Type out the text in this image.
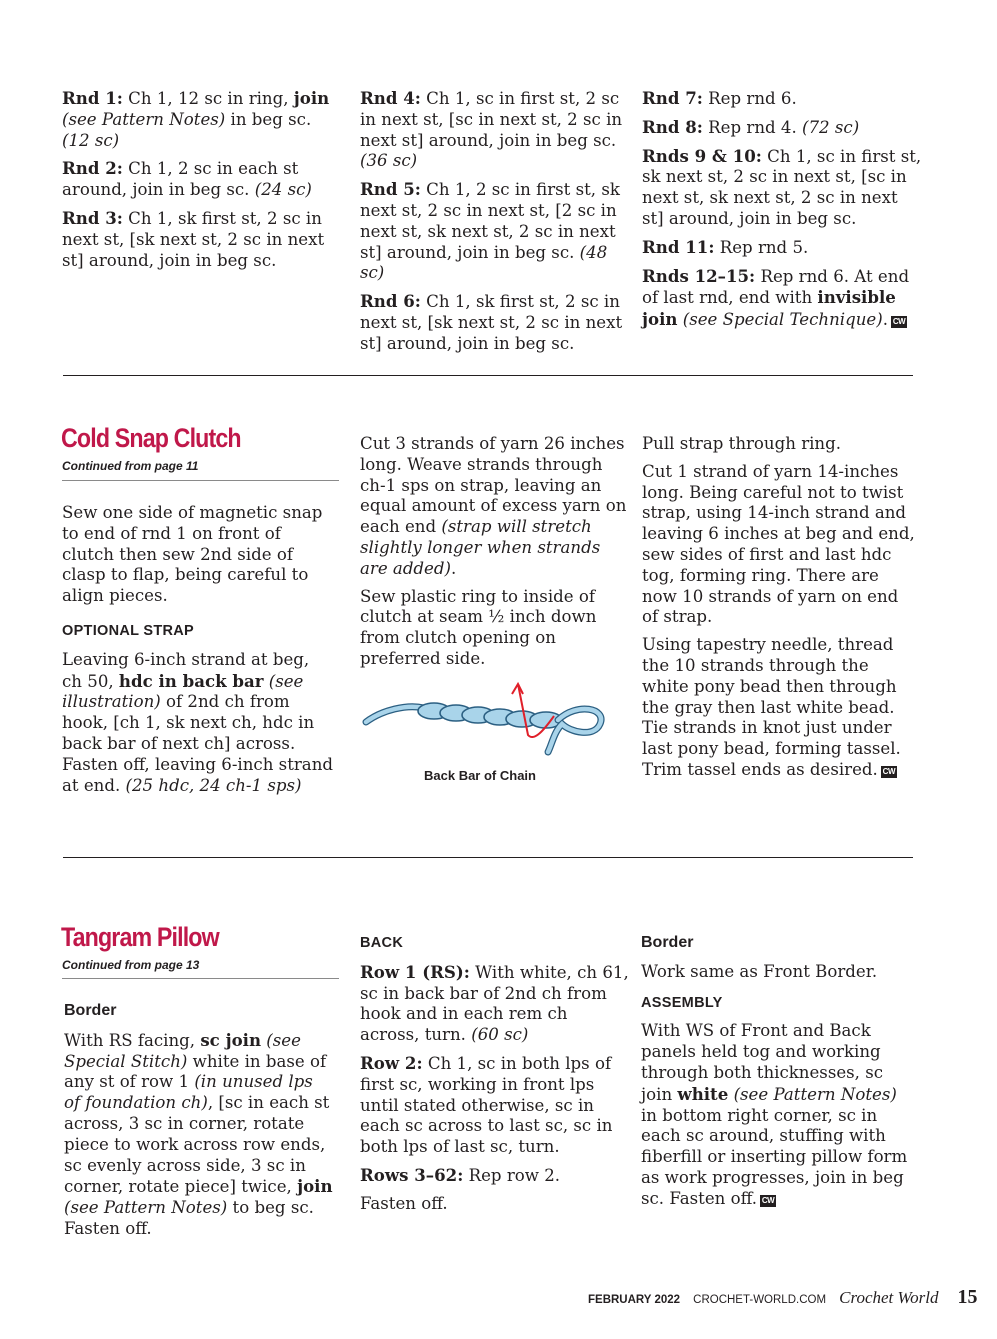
Rnd 1: Ch 1, 12 sc in ring, join (see Pattern Notes) in beg sc. (12 sc)

Rnd 2: Ch 1, 2 sc in each st around, join in beg sc. (24 sc)

Rnd 3: Ch 1, sk first st, 2 sc in next st, [sk next st, 2 sc in next st] around, join in beg sc.

Rnd 4: Ch 1, sc in first st, 2 sc in next st, [sc in next st, 2 sc in next st] around, join in beg sc. (36 sc)

Rnd 5: Ch 1, 2 sc in first st, sk next st, 2 sc in next st, [2 sc in next st, sk next st, 2 sc in next st] around, join in beg sc. (48 sc)

Rnd 6: Ch 1, sk first st, 2 sc in next st, [sk next st, 2 sc in next st] around, join in beg sc.

Rnd 7: Rep rnd 6.

Rnd 8: Rep rnd 4. (72 sc)

Rnds 9 & 10: Ch 1, sc in first st, sk next st, 2 sc in next st, [sc in next st, sk next st, 2 sc in next st] around, join in beg sc.

Rnd 11: Rep rnd 5.

Rnds 12–15: Rep rnd 6. At end of last rnd, end with invisible join (see Special Technique). CW

Cold Snap Clutch
Continued from page 11

Sew one side of magnetic snap to end of rnd 1 on front of clutch then sew 2nd side of clasp to flap, being careful to align pieces.

OPTIONAL STRAP

Leaving 6-inch strand at beg, ch 50, hdc in back bar (see illustration) of 2nd ch from hook, [ch 1, sk next ch, hdc in back bar of next ch] across. Fasten off, leaving 6-inch strand at end. (25 hdc, 24 ch-1 sps)

Cut 3 strands of yarn 26 inches long. Weave strands through ch-1 sps on strap, leaving an equal amount of excess yarn on each end (strap will stretch slightly longer when strands are added).

Sew plastic ring to inside of clutch at seam ½ inch down from clutch opening on preferred side.

Back Bar of Chain

Pull strap through ring.

Cut 1 strand of yarn 14-inches long. Being careful not to twist strap, using 14-inch strand and leaving 6 inches at beg and end, sew sides of first and last hdc tog, forming ring. There are now 10 strands of yarn on end of strap.

Using tapestry needle, thread the 10 strands through the white pony bead then through the gray then last white bead. Tie strands in knot just under last pony bead, forming tassel. Trim tassel ends as desired. CW

Tangram Pillow
Continued from page 13
Border

With RS facing, sc join (see Special Stitch) white in base of any st of row 1 (in unused lps of foundation ch), [sc in each st across, 3 sc in corner, rotate piece to work across row ends, sc evenly across side, 3 sc in corner, rotate piece] twice, join (see Pattern Notes) to beg sc. Fasten off.

BACK

Row 1 (RS): With white, ch 61, sc in back bar of 2nd ch from hook and in each rem ch across, turn. (60 sc)

Row 2: Ch 1, sc in both lps of first sc, working in front lps until stated otherwise, sc in each sc across to last sc, sc in both lps of last sc, turn.

Rows 3–62: Rep row 2.

Fasten off.

Border

Work same as Front Border.

ASSEMBLY

With WS of Front and Back panels held tog and working through both thicknesses, sc join white (see Pattern Notes) in bottom right corner, sc in each sc around, stuffing with fiberfill or inserting pillow form as work progresses, join in beg sc. Fasten off. CW

FEBRUARY 2022 CROCHET-WORLD.COM Crochet World 15
